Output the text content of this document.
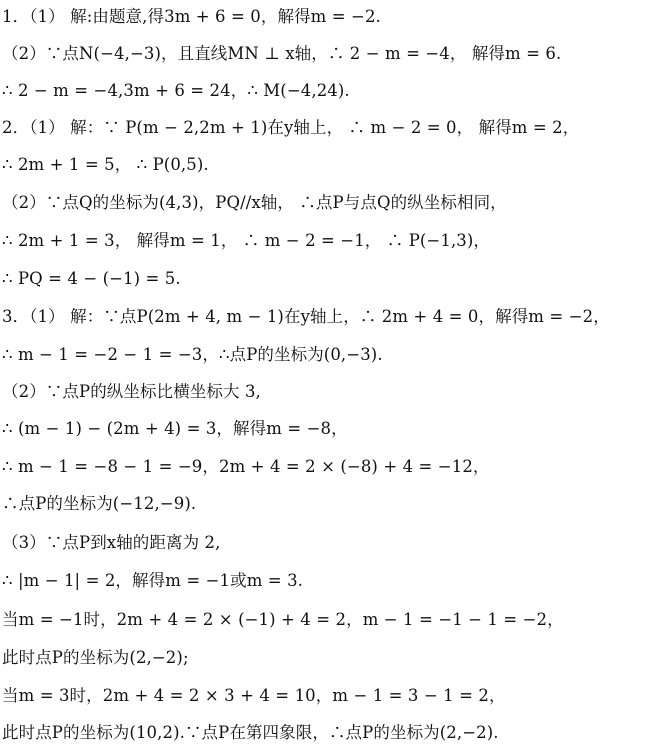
1．（1） 解:由题意,得3m + 6 = 0，解得m = −2.
（2）∵点N(−4,−3)，且直线MN ⊥ x轴，∴ 2 − m = −4， 解得m = 6.
∴ 2 − m = −4,3m + 6 = 24，∴ M(−4,24).
2．（1） 解：∵ P(m − 2,2m + 1)在y轴上， ∴ m − 2 = 0， 解得m = 2，
∴ 2m + 1 = 5， ∴ P(0,5).
（2）∵点Q的坐标为(4,3)，PQ//x轴， ∴点P与点Q的纵坐标相同，
∴ 2m + 1 = 3， 解得m = 1， ∴ m − 2 = −1， ∴ P(−1,3)，
∴ PQ = 4 − (−1) = 5.
3．（1） 解：∵点P(2m + 4, m − 1)在y轴上，∴ 2m + 4 = 0，解得m = −2，
∴ m − 1 = −2 − 1 = −3，∴点P的坐标为(0,−3).
（2）∵点P的纵坐标比横坐标大 3,
∴ (m − 1) − (2m + 4) = 3，解得m = −8，
∴ m − 1 = −8 − 1 = −9，2m + 4 = 2 × (−8) + 4 = −12，
∴点P的坐标为(−12,−9).
（3）∵点P到x轴的距离为 2,
∴ |m − 1| = 2，解得m = −1或m = 3.
当m = −1时，2m + 4 = 2 × (−1) + 4 = 2，m − 1 = −1 − 1 = −2，
此时点P的坐标为(2,−2);
当m = 3时，2m + 4 = 2 × 3 + 4 = 10，m − 1 = 3 − 1 = 2，
此时点P的坐标为(10,2).∵点P在第四象限，∴点P的坐标为(2,−2).
